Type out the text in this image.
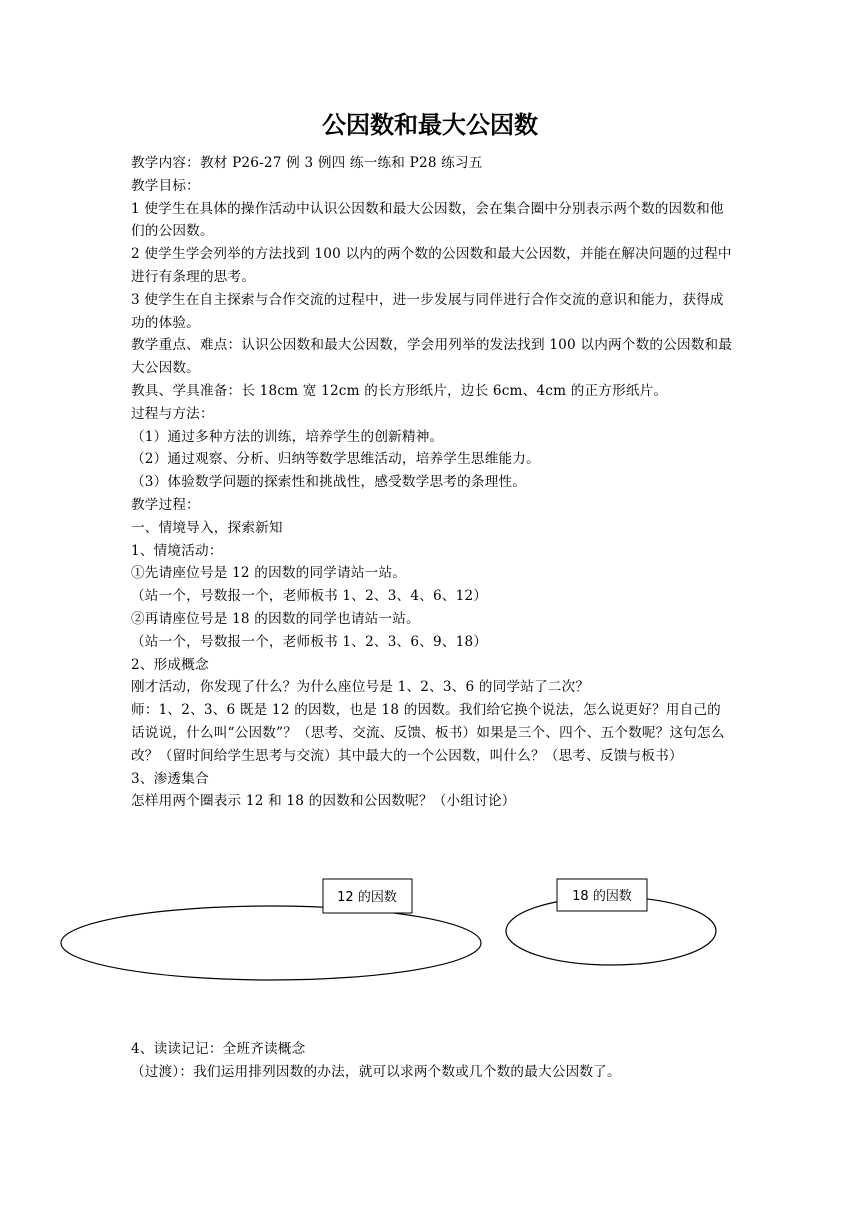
公因数和最大公因数

教学内容：教材 P26-27 例 3 例四 练一练和 P28 练习五

教学目标：

1 使学生在具体的操作活动中认识公因数和最大公因数，会在集合圈中分别表示两个数的因数和他们的公因数。

2 使学生学会列举的方法找到 100 以内的两个数的公因数和最大公因数，并能在解决问题的过程中进行有条理的思考。

3 使学生在自主探索与合作交流的过程中，进一步发展与同伴进行合作交流的意识和能力，获得成功的体验。

教学重点、难点：认识公因数和最大公因数，学会用列举的发法找到 100 以内两个数的公因数和最大公因数。

教具、学具准备：长 18cm 宽 12cm 的长方形纸片，边长 6cm、4cm 的正方形纸片。

过程与方法：

（1）通过多种方法的训练，培养学生的创新精神。

（2）通过观察、分析、归纳等数学思维活动，培养学生思维能力。

（3）体验数学问题的探索性和挑战性，感受数学思考的条理性。

教学过程：

一、情境导入，探索新知

1、情境活动：

①先请座位号是 12 的因数的同学请站一站。

（站一个，号数报一个，老师板书 1、2、3、4、6、12）

②再请座位号是 18 的因数的同学也请站一站。

（站一个，号数报一个，老师板书 1、2、3、6、9、18）

2、形成概念

刚才活动，你发现了什么？为什么座位号是 1、2、3、6 的同学站了二次？

师：1、2、3、6 既是 12 的因数，也是 18 的因数。我们给它换个说法，怎么说更好？用自己的话说说，什么叫“公因数”？（思考、交流、反馈、板书）如果是三个、四个、五个数呢？这句怎么改？（留时间给学生思考与交流）其中最大的一个公因数，叫什么？（思考、反馈与板书）

3、渗透集合

怎样用两个圈表示 12 和 18 的因数和公因数呢？（小组讨论）

12 的因数	18 的因数

4、读读记记：全班齐读概念

（过渡）：我们运用排列因数的办法，就可以求两个数或几个数的最大公因数了。
